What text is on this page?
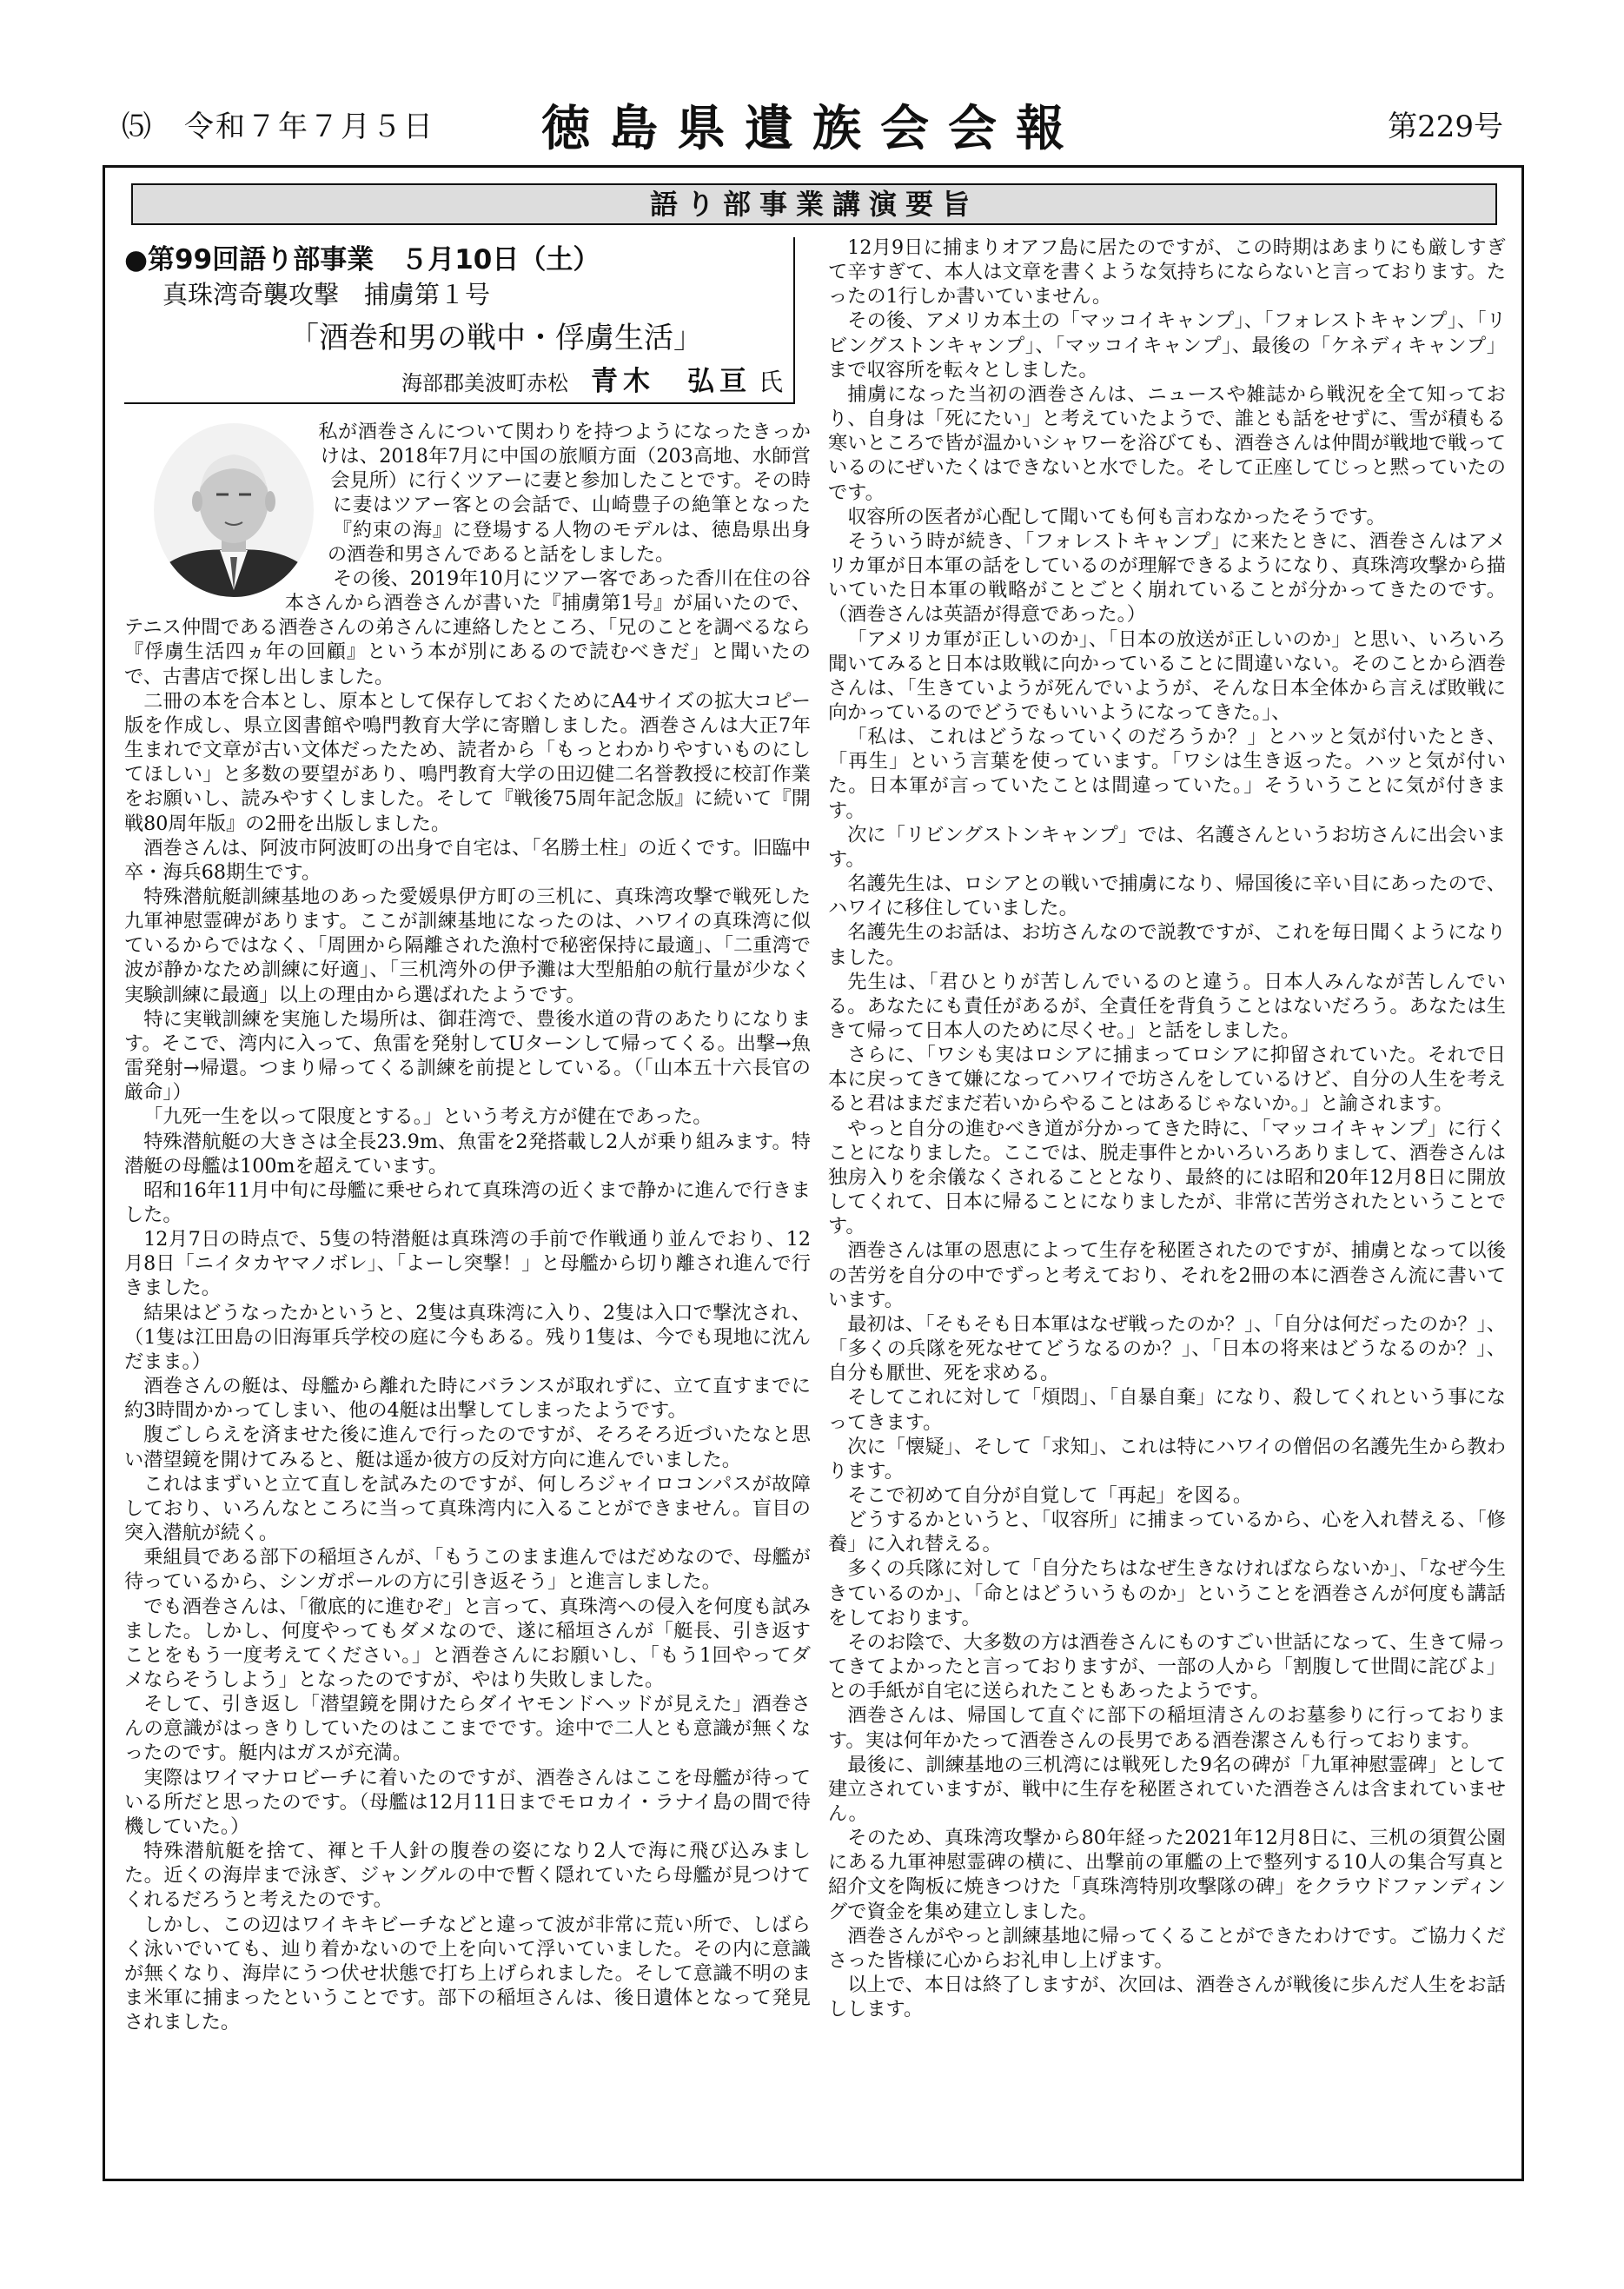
⑸　令和７年７月５日	徳島県遺族会会報	第229号
語り部事業講演要旨
●第99回語り部事業　５月10日（土）
真珠湾奇襲攻撃　捕虜第１号
「酒巻和男の戦中・俘虜生活」
海部郡美波町赤松 青木　弘亘 氏

私が酒巻さんについて関わりを持つようになったきっかけは、2018年7月に中国の旅順方面（203高地、水師営会見所）に行くツアーに妻と参加したことです。その時に妻はツアー客との会話で、山崎豊子の絶筆となった『約束の海』に登場する人物のモデルは、徳島県出身の酒巻和男さんであると話をしました。

その後、2019年10月にツアー客であった香川在住の谷本さんから酒巻さんが書いた『捕虜第1号』が届いたので、テニス仲間である酒巻さんの弟さんに連絡したところ、「兄のことを調べるなら『俘虜生活四ヵ年の回顧』という本が別にあるので読むべきだ」と聞いたので、古書店で探し出しました。

二冊の本を合本とし、原本として保存しておくためにA4サイズの拡大コピー版を作成し、県立図書館や鳴門教育大学に寄贈しました。酒巻さんは大正7年生まれで文章が古い文体だったため、読者から「もっとわかりやすいものにしてほしい」と多数の要望があり、鳴門教育大学の田辺健二名誉教授に校訂作業をお願いし、読みやすくしました。そして『戦後75周年記念版』に続いて『開戦80周年版』の2冊を出版しました。

酒巻さんは、阿波市阿波町の出身で自宅は、「名勝土柱」の近くです。旧臨中卒・海兵68期生です。

特殊潜航艇訓練基地のあった愛媛県伊方町の三机に、真珠湾攻撃で戦死した九軍神慰霊碑があります。ここが訓練基地になったのは、ハワイの真珠湾に似ているからではなく、「周囲から隔離された漁村で秘密保持に最適」、「二重湾で波が静かなため訓練に好適」、「三机湾外の伊予灘は大型船舶の航行量が少なく実験訓練に最適」以上の理由から選ばれたようです。

特に実戦訓練を実施した場所は、御荘湾で、豊後水道の背のあたりになります。そこで、湾内に入って、魚雷を発射してUターンして帰ってくる。出撃→魚雷発射→帰還。つまり帰ってくる訓練を前提としている。（「山本五十六長官の厳命」）

「九死一生を以って限度とする。」という考え方が健在であった。

特殊潜航艇の大きさは全長23.9m、魚雷を2発搭載し2人が乗り組みます。特潜艇の母艦は100mを超えています。

昭和16年11月中旬に母艦に乗せられて真珠湾の近くまで静かに進んで行きました。

12月7日の時点で、5隻の特潜艇は真珠湾の手前で作戦通り並んでおり、12月8日「ニイタカヤマノボレ」、「よーし突撃！」と母艦から切り離され進んで行きました。

結果はどうなったかというと、2隻は真珠湾に入り、2隻は入口で撃沈され、（1隻は江田島の旧海軍兵学校の庭に今もある。残り1隻は、今でも現地に沈んだまま。）

酒巻さんの艇は、母艦から離れた時にバランスが取れずに、立て直すまでに約3時間かかってしまい、他の4艇は出撃してしまったようです。

腹ごしらえを済ませた後に進んで行ったのですが、そろそろ近づいたなと思い潜望鏡を開けてみると、艇は遥か彼方の反対方向に進んでいました。

これはまずいと立て直しを試みたのですが、何しろジャイロコンパスが故障しており、いろんなところに当って真珠湾内に入ることができません。盲目の突入潜航が続く。

乗組員である部下の稲垣さんが、「もうこのまま進んではだめなので、母艦が待っているから、シンガポールの方に引き返そう」と進言しました。

でも酒巻さんは、「徹底的に進むぞ」と言って、真珠湾への侵入を何度も試みました。しかし、何度やってもダメなので、遂に稲垣さんが「艇長、引き返すことをもう一度考えてください。」と酒巻さんにお願いし、「もう1回やってダメならそうしよう」となったのですが、やはり失敗しました。

そして、引き返し「潜望鏡を開けたらダイヤモンドヘッドが見えた」酒巻さんの意識がはっきりしていたのはここまでです。途中で二人とも意識が無くなったのです。艇内はガスが充満。

実際はワイマナロビーチに着いたのですが、酒巻さんはここを母艦が待っている所だと思ったのです。（母艦は12月11日までモロカイ・ラナイ島の間で待機していた。）

特殊潜航艇を捨て、褌と千人針の腹巻の姿になり2人で海に飛び込みました。近くの海岸まで泳ぎ、ジャングルの中で暫く隠れていたら母艦が見つけてくれるだろうと考えたのです。

しかし、この辺はワイキキビーチなどと違って波が非常に荒い所で、しばらく泳いでいても、辿り着かないので上を向いて浮いていました。その内に意識が無くなり、海岸にうつ伏せ状態で打ち上げられました。そして意識不明のまま米軍に捕まったということです。部下の稲垣さんは、後日遺体となって発見されました。

12月9日に捕まりオアフ島に居たのですが、この時期はあまりにも厳しすぎて辛すぎて、本人は文章を書くような気持ちにならないと言っております。たったの1行しか書いていません。

その後、アメリカ本土の「マッコイキャンプ」、「フォレストキャンプ」、「リビングストンキャンプ」、「マッコイキャンプ」、最後の「ケネディキャンプ」まで収容所を転々としました。

捕虜になった当初の酒巻さんは、ニュースや雑誌から戦況を全て知っており、自身は「死にたい」と考えていたようで、誰とも話をせずに、雪が積もる寒いところで皆が温かいシャワーを浴びても、酒巻さんは仲間が戦地で戦っているのにぜいたくはできないと水でした。そして正座してじっと黙っていたのです。

収容所の医者が心配して聞いても何も言わなかったそうです。

そういう時が続き、「フォレストキャンプ」に来たときに、酒巻さんはアメリカ軍が日本軍の話をしているのが理解できるようになり、真珠湾攻撃から描いていた日本軍の戦略がことごとく崩れていることが分かってきたのです。（酒巻さんは英語が得意であった。）

「アメリカ軍が正しいのか」、「日本の放送が正しいのか」と思い、いろいろ聞いてみると日本は敗戦に向かっていることに間違いない。そのことから酒巻さんは、「生きていようが死んでいようが、そんな日本全体から言えば敗戦に向かっているのでどうでもいいようになってきた。」、

「私は、これはどうなっていくのだろうか？」とハッと気が付いたとき、「再生」という言葉を使っています。「ワシは生き返った。ハッと気が付いた。日本軍が言っていたことは間違っていた。」そういうことに気が付きます。

次に「リビングストンキャンプ」では、名護さんというお坊さんに出会います。

名護先生は、ロシアとの戦いで捕虜になり、帰国後に辛い目にあったので、ハワイに移住していました。

名護先生のお話は、お坊さんなので説教ですが、これを毎日聞くようになりました。

先生は、「君ひとりが苦しんでいるのと違う。日本人みんなが苦しんでいる。あなたにも責任があるが、全責任を背負うことはないだろう。あなたは生きて帰って日本人のために尽くせ。」と話をしました。

さらに、「ワシも実はロシアに捕まってロシアに抑留されていた。それで日本に戻ってきて嫌になってハワイで坊さんをしているけど、自分の人生を考えると君はまだまだ若いからやることはあるじゃないか。」と諭されます。

やっと自分の進むべき道が分かってきた時に、「マッコイキャンプ」に行くことになりました。ここでは、脱走事件とかいろいろありまして、酒巻さんは独房入りを余儀なくされることとなり、最終的には昭和20年12月8日に開放してくれて、日本に帰ることになりましたが、非常に苦労されたということです。

酒巻さんは軍の恩恵によって生存を秘匿されたのですが、捕虜となって以後の苦労を自分の中でずっと考えており、それを2冊の本に酒巻さん流に書いています。

最初は、「そもそも日本軍はなぜ戦ったのか？」、「自分は何だったのか？」、「多くの兵隊を死なせてどうなるのか？」、「日本の将来はどうなるのか？」、自分も厭世、死を求める。

そしてこれに対して「煩悶」、「自暴自棄」になり、殺してくれという事になってきます。

次に「懐疑」、そして「求知」、これは特にハワイの僧侶の名護先生から教わります。

そこで初めて自分が自覚して「再起」を図る。

どうするかというと、「収容所」に捕まっているから、心を入れ替える、「修養」に入れ替える。

多くの兵隊に対して「自分たちはなぜ生きなければならないか」、「なぜ今生きているのか」、「命とはどういうものか」ということを酒巻さんが何度も講話をしております。

そのお陰で、大多数の方は酒巻さんにものすごい世話になって、生きて帰ってきてよかったと言っておりますが、一部の人から「割腹して世間に詫びよ」との手紙が自宅に送られたこともあったようです。

酒巻さんは、帰国して直ぐに部下の稲垣清さんのお墓参りに行っております。実は何年かたって酒巻さんの長男である酒巻潔さんも行っております。

最後に、訓練基地の三机湾には戦死した9名の碑が「九軍神慰霊碑」として建立されていますが、戦中に生存を秘匿されていた酒巻さんは含まれていません。

そのため、真珠湾攻撃から80年経った2021年12月8日に、三机の須賀公園にある九軍神慰霊碑の横に、出撃前の軍艦の上で整列する10人の集合写真と紹介文を陶板に焼きつけた「真珠湾特別攻撃隊の碑」をクラウドファンディングで資金を集め建立しました。

酒巻さんがやっと訓練基地に帰ってくることができたわけです。ご協力くださった皆様に心からお礼申し上げます。

以上で、本日は終了しますが、次回は、酒巻さんが戦後に歩んだ人生をお話しします。
